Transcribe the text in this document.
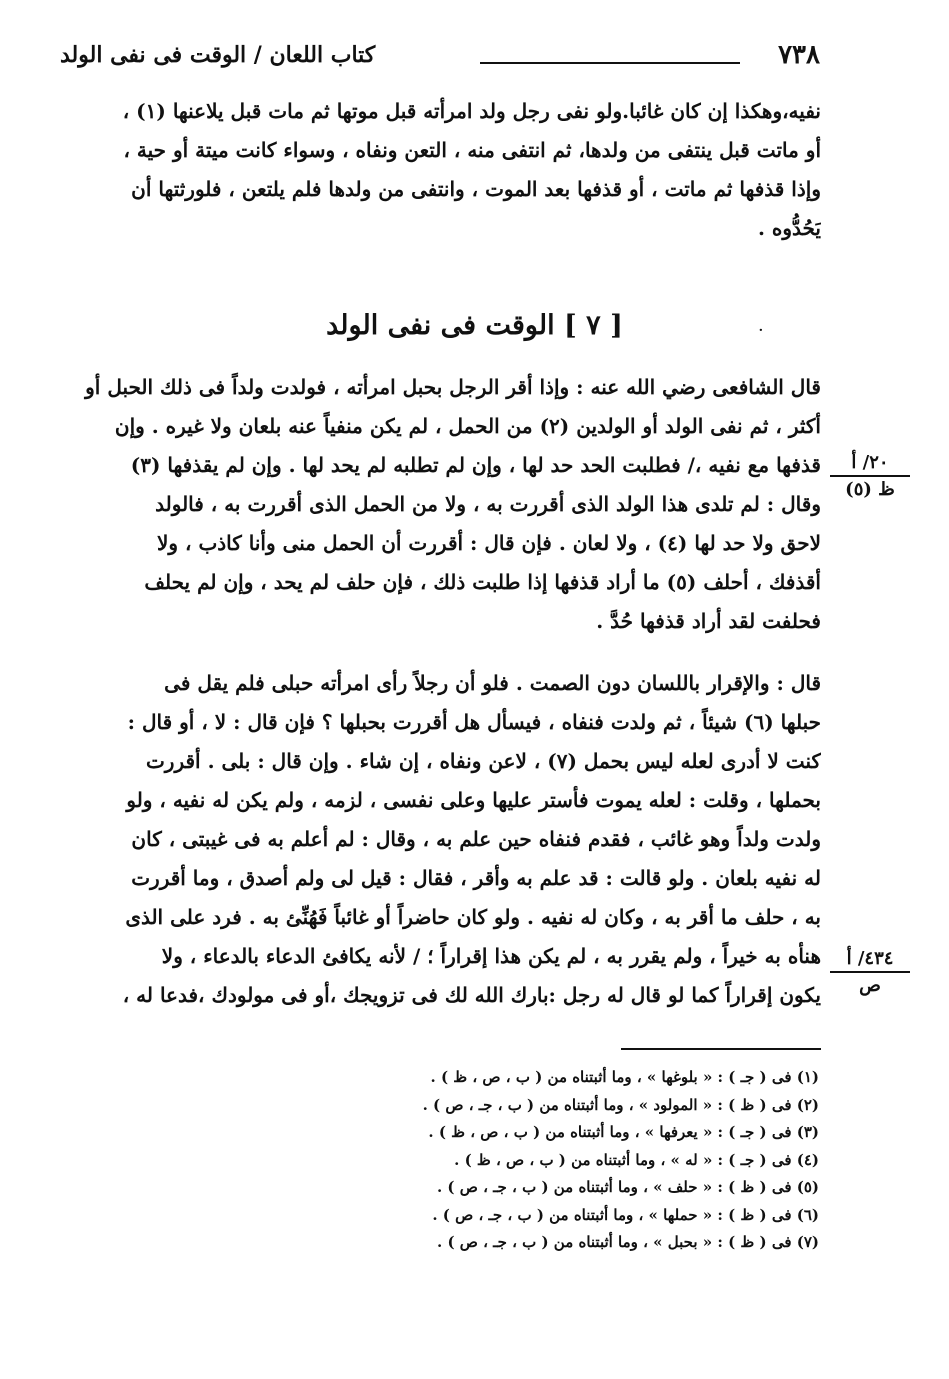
٧٣٨
كتاب اللعان / الوقت فى نفى الولد
نفيه،وهكذا إن كان غائبا.ولو نفى رجل ولد امرأته قبل موتها ثم مات قبل يلاعنها (١) ،
أو ماتت قبل ينتفى من ولدها، ثم انتفى منه ، التعن ونفاه ، وسواء كانت ميتة أو حية ،
وإذا قذفها ثم ماتت ، أو قذفها بعد الموت ، وانتفى من ولدها فلم يلتعن ، فلورثتها أن
يَحُدُّوه .
[ ٧ ] الوقت فى نفى الولد	·
قال الشافعى رضي الله عنه : وإذا أقر الرجل بحبل امرأته ، فولدت ولداً فى ذلك الحبل أو
أكثر ، ثم نفى الولد أو الولدين (٢) من الحمل ، لم يكن منفياً عنه بلعان ولا غيره . وإن
قذفها مع نفيه ،/ فطلبت الحد حد لها ، وإن لم تطلبه لم يحد لها . وإن لم يقذفها (٣)
وقال : لم تلدى هذا الولد الذى أقررت به ، ولا من الحمل الذى أقررت به ، فالولد
لاحق ولا حد لها (٤) ، ولا لعان . فإن قال : أقررت أن الحمل منى وأنا كاذب ، ولا
أقذفك ، أحلف (٥) ما أراد قذفها إذا طلبت ذلك ، فإن حلف لم يحد ، وإن لم يحلف
فحلفت لقد أراد قذفها حُدَّ .
٢٠/ أ
ظ (٥)
قال : والإقرار باللسان دون الصمت . فلو أن رجلاً رأى امرأته حبلى فلم يقل فى
حبلها (٦) شيئاً ، ثم ولدت فنفاه ، فيسأل هل أقررت بحبلها ؟ فإن قال : لا ، أو قال :
كنت لا أدرى لعله ليس بحمل (٧) ، لاعن ونفاه ، إن شاء . وإن قال : بلى . أقررت
بحملها ، وقلت : لعله يموت فأستر عليها وعلى نفسى ، لزمه ، ولم يكن له نفيه ، ولو
ولدت ولداً وهو غائب ، فقدم فنفاه حين علم به ، وقال : لم أعلم به فى غيبتى ، كان
له نفيه بلعان . ولو قالت : قد علم به وأقر ، فقال : قيل لى ولم أصدق ، وما أقررت
به ، حلف ما أقر به ، وكان له نفيه . ولو كان حاضراً أو غائباً فَهُنِّئ به . فرد على الذى
هنأه به خيراً ، ولم يقرر به ، لم يكن هذا إقراراً ؛ / لأنه يكافئ الدعاء بالدعاء ، ولا
يكون إقراراً كما لو قال له رجل :بارك الله لك فى تزويجك ،أو فى مولودك ،فدعا له ،
٤٣٤/ أ
ص
(١) فى ( جـ ) : « بلوغها » ، وما أثبتناه من ( ب ، ص ، ظ ) .
(٢) فى ( ظ ) : « المولود » ، وما أثبتناه من ( ب ، جـ ، ص ) .
(٣) فى ( جـ ) : « يعرفها » ، وما أثبتناه من ( ب ، ص ، ظ ) .
(٤) فى ( جـ ) : « له » ، وما أثبتناه من ( ب ، ص ، ظ ) .
(٥) فى ( ظ ) : « حلف » ، وما أثبتناه من ( ب ، جـ ، ص ) .
(٦) فى ( ظ ) : « حملها » ، وما أثبتناه من ( ب ، جـ ، ص ) .
(٧) فى ( ظ ) : « بحبل » ، وما أثبتناه من ( ب ، جـ ، ص ) .
